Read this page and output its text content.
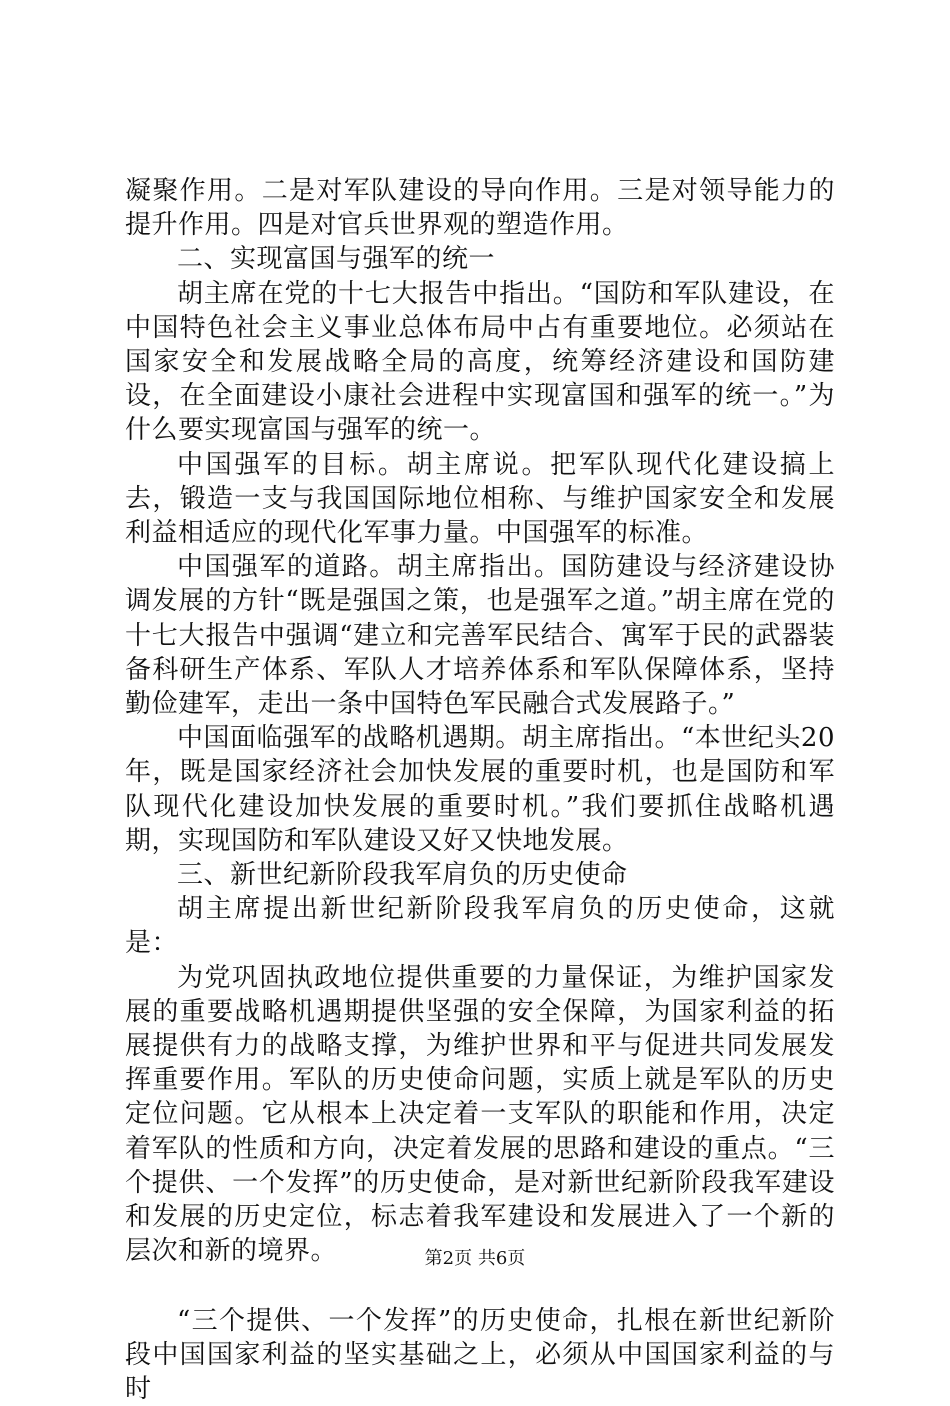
凝聚作用。二是对军队建设的导向作用。三是对领导能力的提升作用。四是对官兵世界观的塑造作用。

二、实现富国与强军的统一

胡主席在党的十七大报告中指出。“国防和军队建设，在中国特色社会主义事业总体布局中占有重要地位。必须站在国家安全和发展战略全局的高度，统筹经济建设和国防建设，在全面建设小康社会进程中实现富国和强军的统一。”为什么要实现富国与强军的统一。

中国强军的目标。胡主席说。把军队现代化建设搞上去，锻造一支与我国国际地位相称、与维护国家安全和发展利益相适应的现代化军事力量。中国强军的标准。

中国强军的道路。胡主席指出。国防建设与经济建设协调发展的方针“既是强国之策，也是强军之道。”胡主席在党的十七大报告中强调“建立和完善军民结合、寓军于民的武器装备科研生产体系、军队人才培养体系和军队保障体系，坚持勤俭建军，走出一条中国特色军民融合式发展路子。”

中国面临强军的战略机遇期。胡主席指出。“本世纪头20年，既是国家经济社会加快发展的重要时机，也是国防和军队现代化建设加快发展的重要时机。”我们要抓住战略机遇期，实现国防和军队建设又好又快地发展。

三、新世纪新阶段我军肩负的历史使命

胡主席提出新世纪新阶段我军肩负的历史使命，这就是：

为党巩固执政地位提供重要的力量保证，为维护国家发展的重要战略机遇期提供坚强的安全保障，为国家利益的拓展提供有力的战略支撑，为维护世界和平与促进共同发展发挥重要作用。军队的历史使命问题，实质上就是军队的历史定位问题。它从根本上决定着一支军队的职能和作用，决定着军队的性质和方向，决定着发展的思路和建设的重点。“三个提供、一个发挥”的历史使命，是对新世纪新阶段我军建设和发展的历史定位，标志着我军建设和发展进入了一个新的层次和新的境界。

“三个提供、一个发挥”的历史使命，扎根在新世纪新阶段中国国家利益的坚实基础之上，必须从中国国家利益的与时

第2页 共6页
